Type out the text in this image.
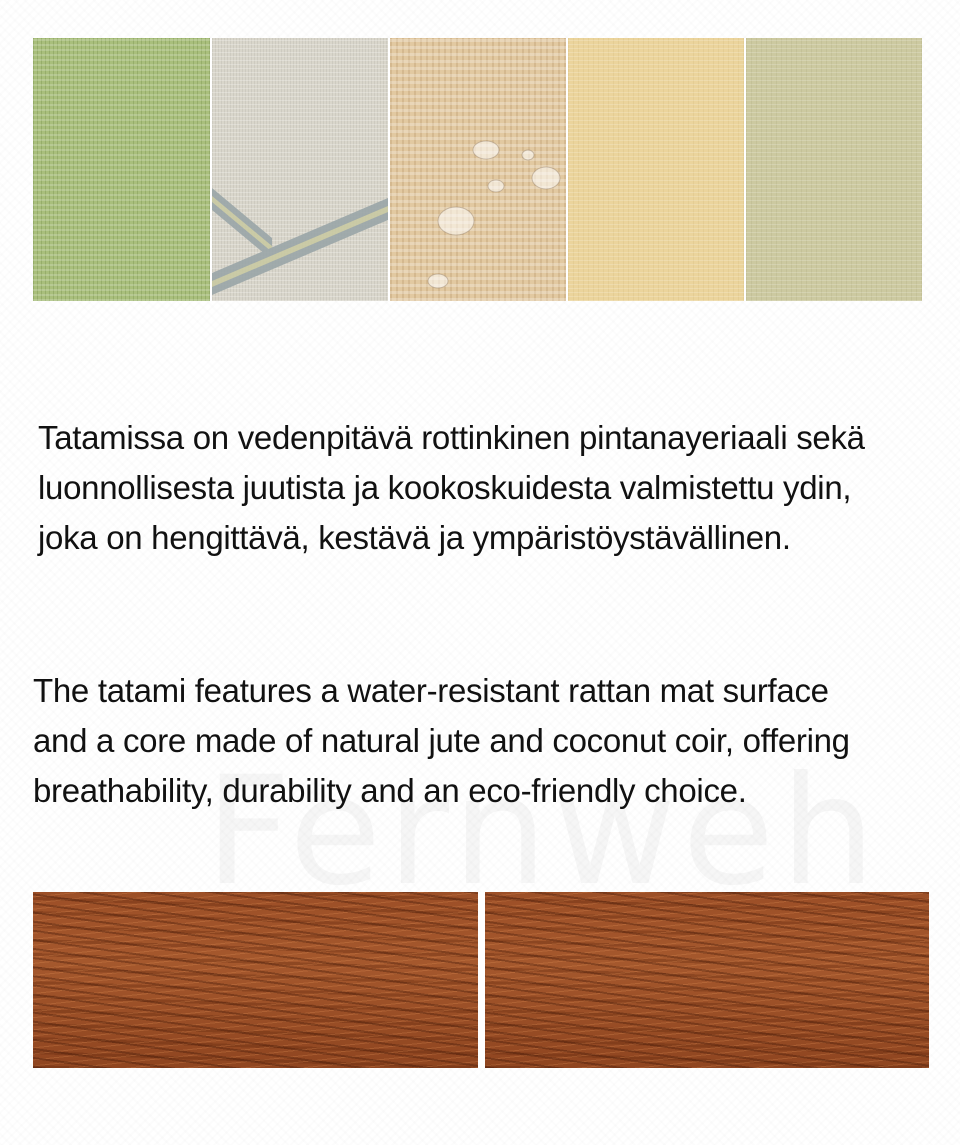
Tatamissa on vedenpitävä rottinkinen pintanayeriaali sekä
luonnollisesta juutista ja kookoskuidesta valmistettu ydin,
joka on hengittävä, kestävä ja ympäristöystävällinen.

The tatami features a water-resistant rattan mat surface
and a core made of natural jute and coconut coir, offering
breathability, durability and an eco-friendly choice.
